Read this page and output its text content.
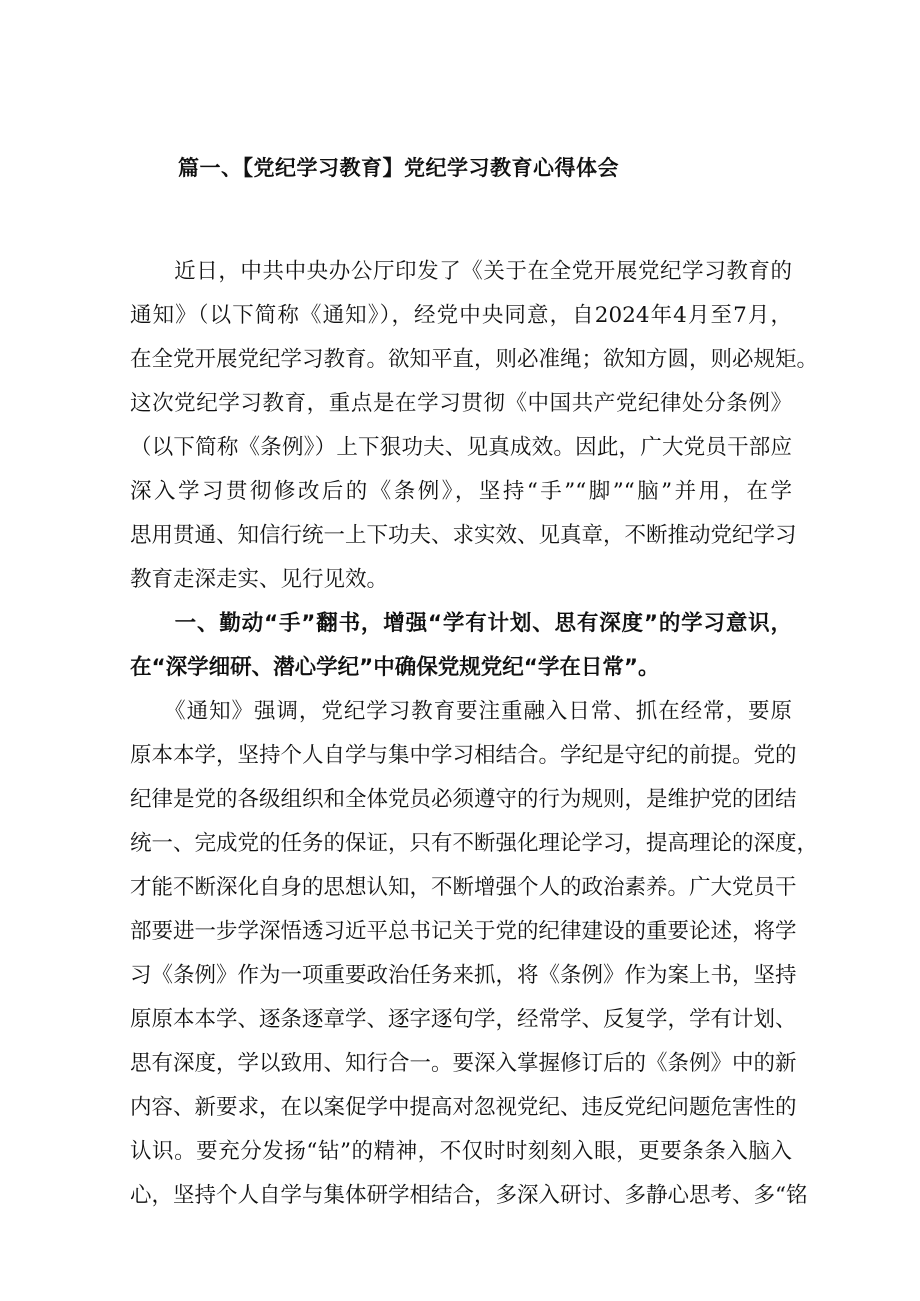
篇一、【党纪学习教育】党纪学习教育心得体会
　　近日，中共中央办公厅印发了《关于在全党开展党纪学习教育的
通知》（以下简称《通知》），经党中央同意，自2024年4月至7月，
在全党开展党纪学习教育。欲知平直，则必准绳；欲知方圆，则必规矩。
这次党纪学习教育，重点是在学习贯彻《中国共产党纪律处分条例》
（以下简称《条例》）上下狠功夫、见真成效。因此，广大党员干部应
深入学习贯彻修改后的《条例》，坚持“手”“脚”“脑”并用，在学
思用贯通、知信行统一上下功夫、求实效、见真章，不断推动党纪学习
教育走深走实、见行见效。
　　一、勤动“手”翻书，增强“学有计划、思有深度”的学习意识，
在“深学细研、潜心学纪”中确保党规党纪“学在日常”。
　　《通知》强调，党纪学习教育要注重融入日常、抓在经常，要原
原本本学，坚持个人自学与集中学习相结合。学纪是守纪的前提。党的
纪律是党的各级组织和全体党员必须遵守的行为规则，是维护党的团结
统一、完成党的任务的保证，只有不断强化理论学习，提高理论的深度，
才能不断深化自身的思想认知，不断增强个人的政治素养。广大党员干
部要进一步学深悟透习近平总书记关于党的纪律建设的重要论述，将学
习《条例》作为一项重要政治任务来抓，将《条例》作为案上书，坚持
原原本本学、逐条逐章学、逐字逐句学，经常学、反复学，学有计划、
思有深度，学以致用、知行合一。要深入掌握修订后的《条例》中的新
内容、新要求，在以案促学中提高对忽视党纪、违反党纪问题危害性的
认识。要充分发扬“钻”的精神，不仅时时刻刻入眼，更要条条入脑入
心，坚持个人自学与集体研学相结合，多深入研讨、多静心思考、多“铭
